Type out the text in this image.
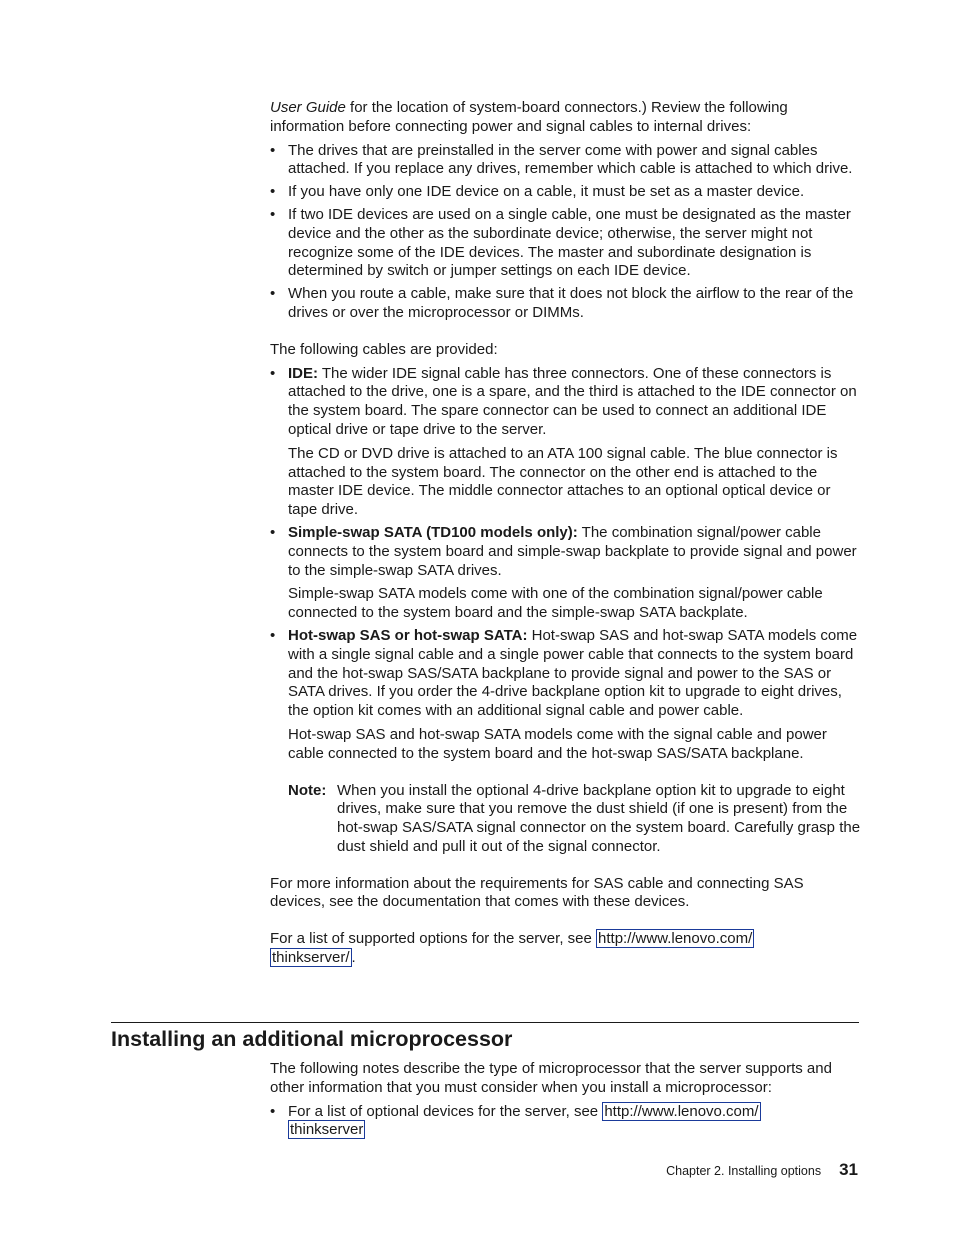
User Guide for the location of system-board connectors.) Review the following information before connecting power and signal cables to internal drives:

• The drives that are preinstalled in the server come with power and signal cables attached. If you replace any drives, remember which cable is attached to which drive.
• If you have only one IDE device on a cable, it must be set as a master device.
• If two IDE devices are used on a single cable, one must be designated as the master device and the other as the subordinate device; otherwise, the server might not recognize some of the IDE devices. The master and subordinate designation is determined by switch or jumper settings on each IDE device.
• When you route a cable, make sure that it does not block the airflow to the rear of the drives or over the microprocessor or DIMMs.

The following cables are provided:

• IDE: The wider IDE signal cable has three connectors. One of these connectors is attached to the drive, one is a spare, and the third is attached to the IDE connector on the system board. The spare connector can be used to connect an additional IDE optical drive or tape drive to the server.

The CD or DVD drive is attached to an ATA 100 signal cable. The blue connector is attached to the system board. The connector on the other end is attached to the master IDE device. The middle connector attaches to an optional optical device or tape drive.

• Simple-swap SATA (TD100 models only): The combination signal/power cable connects to the system board and simple-swap backplate to provide signal and power to the simple-swap SATA drives.

Simple-swap SATA models come with one of the combination signal/power cable connected to the system board and the simple-swap SATA backplate.

• Hot-swap SAS or hot-swap SATA: Hot-swap SAS and hot-swap SATA models come with a single signal cable and a single power cable that connects to the system board and the hot-swap SAS/SATA backplane to provide signal and power to the SAS or SATA drives. If you order the 4-drive backplane option kit to upgrade to eight drives, the option kit comes with an additional signal cable and power cable.

Hot-swap SAS and hot-swap SATA models come with the signal cable and power cable connected to the system board and the hot-swap SAS/SATA backplane.

Note: When you install the optional 4-drive backplane option kit to upgrade to eight drives, make sure that you remove the dust shield (if one is present) from the hot-swap SAS/SATA signal connector on the system board. Carefully grasp the dust shield and pull it out of the signal connector.

For more information about the requirements for SAS cable and connecting SAS devices, see the documentation that comes with these devices.

For a list of supported options for the server, see http://www.lenovo.com/
thinkserver/ .

Installing an additional microprocessor

The following notes describe the type of microprocessor that the server supports and other information that you must consider when you install a microprocessor:

• For a list of optional devices for the server, see http://www.lenovo.com/
thinkserver
Chapter 2. Installing options 31
